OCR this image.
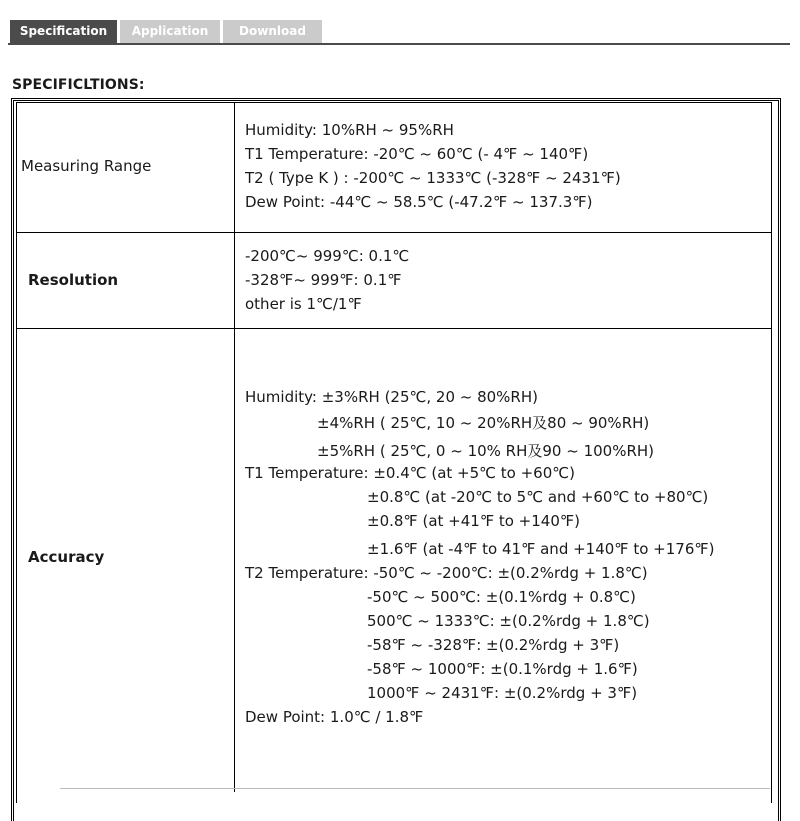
Specification	Application	Download
SPECIFICLTIONS:
Measuring Range
Humidity: 10%RH ~ 95%RH
T1 Temperature: -20℃ ~ 60℃ (- 4℉ ~ 140℉)
T2 ( Type K ) : -200℃ ~ 1333℃ (-328℉ ~ 2431℉)
Dew Point: -44℃ ~ 58.5℃ (-47.2℉ ~ 137.3℉)
Resolution
-200℃~ 999℃: 0.1℃
-328℉~ 999℉: 0.1℉
other is 1℃/1℉
Accuracy
Humidity: ±3%RH (25℃, 20 ~ 80%RH)
±4%RH ( 25℃, 10 ~ 20%RH及80 ~ 90%RH)
±5%RH ( 25℃, 0 ~ 10% RH及90 ~ 100%RH)
T1 Temperature: ±0.4℃ (at +5℃ to +60℃)
±0.8℃ (at -20℃ to 5℃ and +60℃ to +80℃)
±0.8℉ (at +41℉ to +140℉)
±1.6℉ (at -4℉ to 41℉ and +140℉ to +176℉)
T2 Temperature: -50℃ ~ -200℃: ±(0.2%rdg + 1.8℃)
-50℃ ~ 500℃: ±(0.1%rdg + 0.8℃)
500℃ ~ 1333℃: ±(0.2%rdg + 1.8℃)
-58℉ ~ -328℉: ±(0.2%rdg + 3℉)
-58℉ ~ 1000℉: ±(0.1%rdg + 1.6℉)
1000℉ ~ 2431℉: ±(0.2%rdg + 3℉)
Dew Point: 1.0℃ / 1.8℉
